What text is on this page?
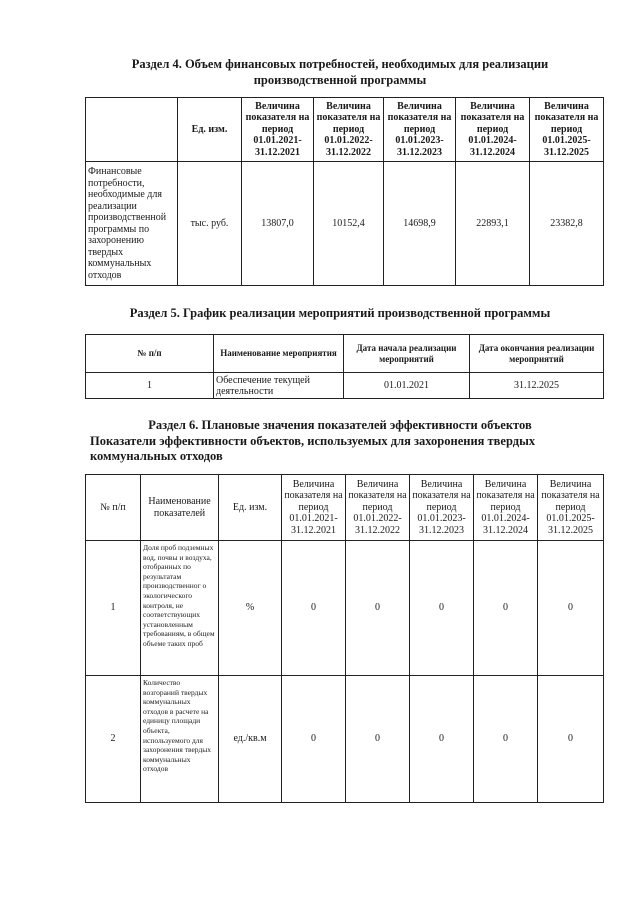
Раздел 4. Объем финансовых потребностей, необходимых для реализации

производственной программы

	Ед. изм.	Величина показателя на период 01.01.2021-31.12.2021	Величина показателя на период 01.01.2022-31.12.2022	Величина показателя на период 01.01.2023-31.12.2023	Величина показателя на период 01.01.2024-31.12.2024	Величина показателя на период 01.01.2025-31.12.2025
Финансовые потребности, необходимые для реализации производственной программы по захоронению твердых коммунальных отходов	тыс. руб.	13807,0	10152,4	14698,9	22893,1	23382,8

Раздел 5. График реализации мероприятий производственной программы

№ п/п	Наименование мероприятия	Дата начала реализации мероприятий	Дата окончания реализации мероприятий
1	Обеспечение текущей деятельности	01.01.2021	31.12.2025

Раздел 6. Плановые значения показателей эффективности объектов

Показатели эффективности объектов, используемых для захоронения твердых

коммунальных отходов

№ п/п	Наименование показателей	Ед. изм.	Величина показателя на период 01.01.2021-31.12.2021	Величина показателя на период 01.01.2022-31.12.2022	Величина показателя на период 01.01.2023-31.12.2023	Величина показателя на период 01.01.2024-31.12.2024	Величина показателя на период 01.01.2025-31.12.2025
1	Доля проб подземных вод, почвы и воздуха, отобранных по результатам производственног о экологического контроля, не соответствующих установленным требованиям, в общем объеме таких проб	%	0	0	0	0	0
2	Количество возгораний твердых коммунальных отходов в расчете на единицу площади объекта, используемого для захоронения твердых коммунальных отходов	ед./кв.м	0	0	0	0	0
